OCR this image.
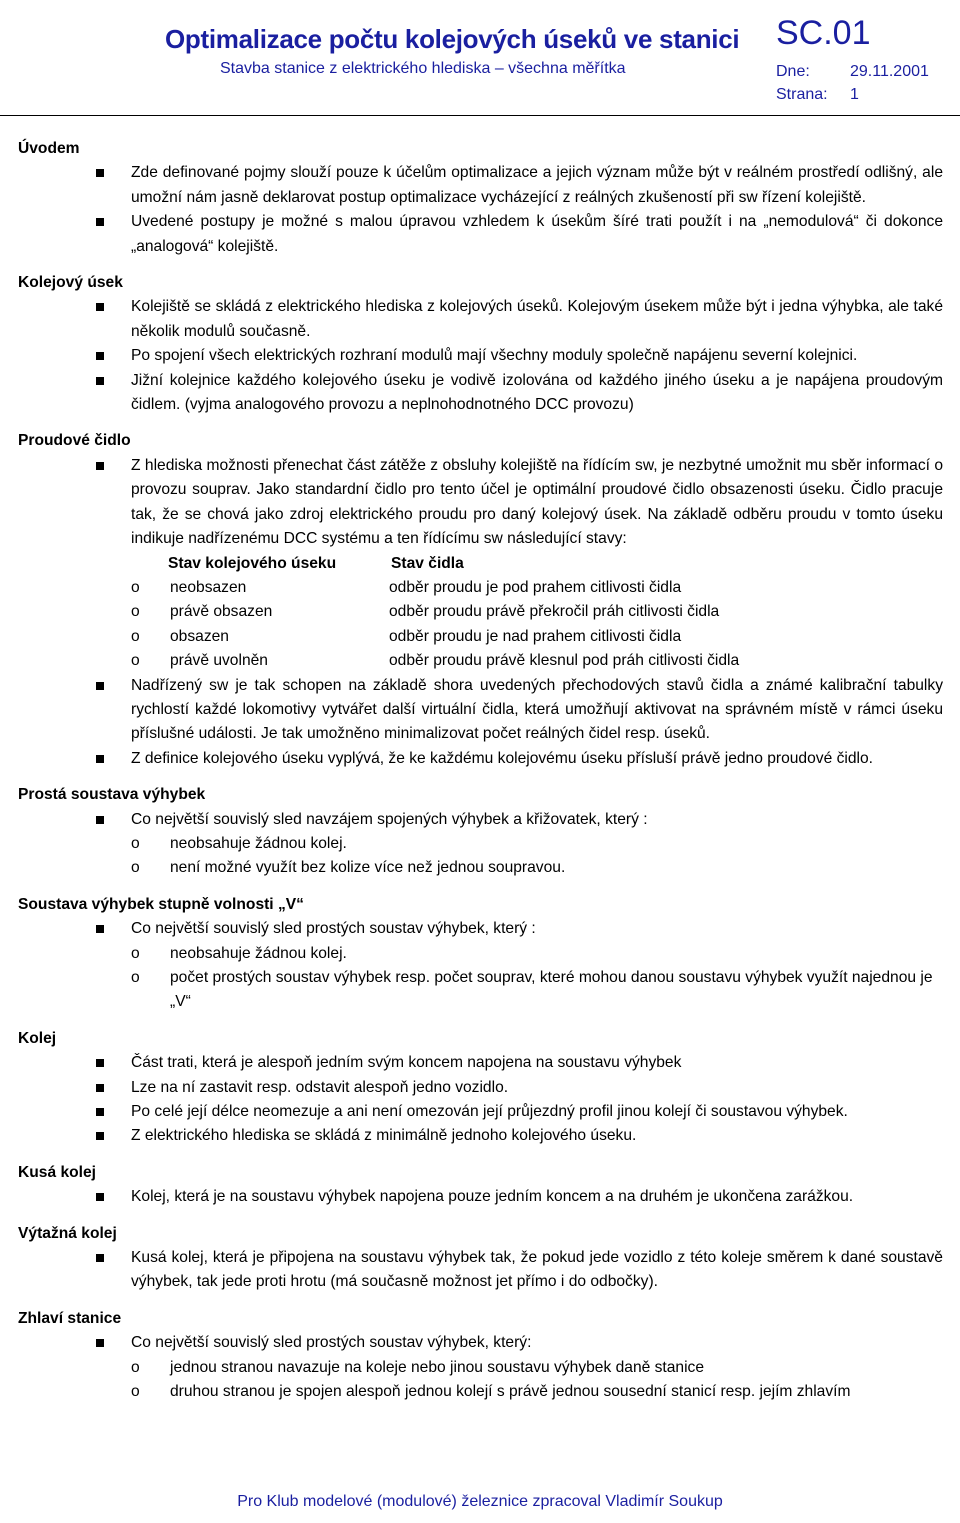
Optimalizace počtu kolejových úseků ve stanici
Stavba stanice z elektrického hlediska – všechna měřítka
SC.01
Dne:	29.11.2001
Strana: 1

Úvodem

Zde definované pojmy slouží pouze k účelům optimalizace a jejich význam může být v reálném prostředí odlišný, ale umožní nám jasně deklarovat postup optimalizace vycházející z reálných zkušeností při sw řízení kolejiště.

Uvedené postupy je možné s malou úpravou vzhledem k úsekům šíré trati použít i na „nemodulová“ či dokonce „analogová“ kolejiště.

Kolejový úsek

Kolejiště se skládá z elektrického hlediska z kolejových úseků. Kolejovým úsekem může být i jedna výhybka, ale také několik modulů současně.

Po spojení všech elektrických rozhraní modulů mají všechny moduly společně napájenu severní kolejnici.

Jižní kolejnice každého kolejového úseku je vodivě izolována od každého jiného úseku a je napájena proudovým čidlem. (vyjma analogového provozu a neplnohodnotného DCC provozu)

Proudové čidlo

Z hlediska možnosti přenechat část zátěže z obsluhy kolejiště na řídícím sw, je nezbytné umožnit mu sběr informací o provozu souprav. Jako standardní čidlo pro tento účel je optimální proudové čidlo obsazenosti úseku. Čidlo pracuje tak, že se chová jako zdroj elektrického proudu pro daný kolejový úsek. Na základě odběru proudu v tomto úseku indikuje nadřízenému DCC systému a ten řídícímu sw následující stavy:

Stav kolejového úseku	Stav čidla

o neobsazen	odběr proudu je pod prahem citlivosti čidla

o právě obsazen	odběr proudu právě překročil práh citlivosti čidla

o obsazen	odběr proudu je nad prahem citlivosti čidla

o právě uvolněn	odběr proudu právě klesnul pod práh citlivosti čidla

Nadřízený sw je tak schopen na základě shora uvedených přechodových stavů čidla a známé kalibrační tabulky rychlostí každé lokomotivy vytvářet další virtuální čidla, která umožňují aktivovat na správném místě v rámci úseku příslušné události. Je tak umožněno minimalizovat počet reálných čidel resp. úseků.

Z definice kolejového úseku vyplývá, že ke každému kolejovému úseku přísluší právě jedno proudové čidlo.

Prostá soustava výhybek

Co největší souvislý sled navzájem spojených výhybek a křižovatek, který :

o neobsahuje žádnou kolej.

o není možné využít bez kolize více než jednou soupravou.

Soustava výhybek stupně volnosti „V“

Co největší souvislý sled prostých soustav výhybek, který :

o neobsahuje žádnou kolej.

o počet prostých soustav výhybek resp. počet souprav, které mohou danou soustavu výhybek využít najednou je „V“

Kolej

Část trati, která je alespoň jedním svým koncem napojena na soustavu výhybek

Lze na ní zastavit resp. odstavit alespoň jedno vozidlo.

Po celé její délce neomezuje a ani není omezován její průjezdný profil jinou kolejí či soustavou výhybek.

Z elektrického hlediska se skládá z minimálně jednoho kolejového úseku.

Kusá kolej

Kolej, která je na soustavu výhybek napojena pouze jedním koncem a na druhém je ukončena zarážkou.

Výtažná kolej

Kusá kolej, která je připojena na soustavu výhybek tak, že pokud jede vozidlo z této koleje směrem k dané soustavě výhybek, tak jede proti hrotu (má současně možnost jet přímo i do odbočky).

Zhlaví stanice

Co největší souvislý sled prostých soustav výhybek, který:

o jednou stranou navazuje na koleje nebo jinou soustavu výhybek daně stanice

o druhou stranou je spojen alespoň jednou kolejí s právě jednou sousední stanicí resp. jejím zhlavím

Pro Klub modelové (modulové) železnice zpracoval Vladimír Soukup
